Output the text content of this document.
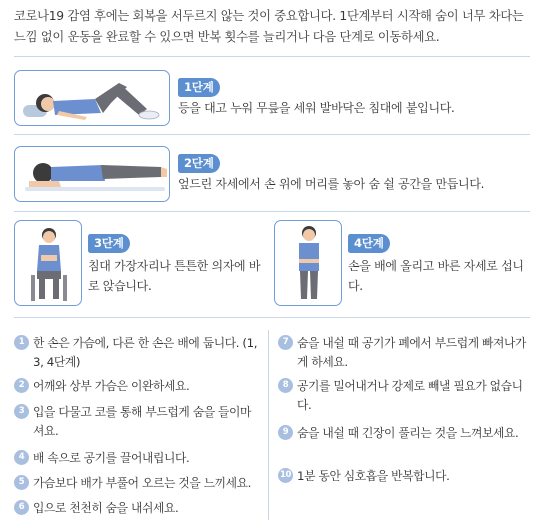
코로나19 감염 후에는 회복을 서두르지 않는 것이 중요합니다. 1단계부터 시작해 숨이 너무 차다는 느낌 없이 운동을 완료할 수 있으면 반복 횟수를 늘리거나 다음 단계로 이동하세요.
1단계
등을 대고 누워 무릎을 세워 발바닥은 침대에 붙입니다.
2단계
엎드린 자세에서 손 위에 머리를 놓아 숨 쉴 공간을 만듭니다.
3단계
침대 가장자리나 튼튼한 의자에 바로 앉습니다.
4단계
손을 배에 올리고 바른 자세로 섭니다.
1 한 손은 가슴에, 다른 한 손은 배에 둡니다. (1, 3, 4단계)
2 어깨와 상부 가슴은 이완하세요.
3 입을 다물고 코를 통해 부드럽게 숨을 들이마셔요.
4 배 속으로 공기를 끌어내립니다.
5 가슴보다 배가 부풀어 오르는 것을 느끼세요.
6 입으로 천천히 숨을 내쉬세요.
7 숨을 내쉴 때 공기가 폐에서 부드럽게 빠져나가게 하세요.
8 공기를 밀어내거나 강제로 빼낼 필요가 없습니다.
9 숨을 내쉴 때 긴장이 풀리는 것을 느껴보세요.
10 1분 동안 심호흡을 반복합니다.
